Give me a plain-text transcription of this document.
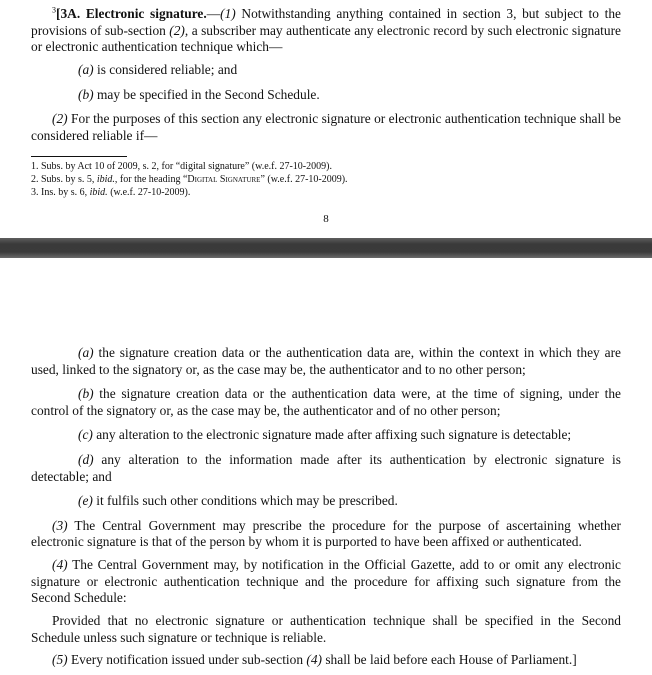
$^3$[3A. Electronic signature.—(1) Notwithstanding anything contained in section 3, but subject to the provisions of sub-section (2), a subscriber may authenticate any electronic record by such electronic signature or electronic authentication technique which—

(a) is considered reliable; and

(b) may be specified in the Second Schedule.

(2) For the purposes of this section any electronic signature or electronic authentication technique shall be considered reliable if—

1. Subs. by Act 10 of 2009, s. 2, for “digital signature” (w.e.f. 27-10-2009).

2. Subs. by s. 5, ibid., for the heading “Digital Signature” (w.e.f. 27-10-2009).

3. Ins. by s. 6, ibid. (w.e.f. 27-10-2009).

8

(a) the signature creation data or the authentication data are, within the context in which they are used, linked to the signatory or, as the case may be, the authenticator and to no other person;

(b) the signature creation data or the authentication data were, at the time of signing, under the control of the signatory or, as the case may be, the authenticator and of no other person;

(c) any alteration to the electronic signature made after affixing such signature is detectable;

(d) any alteration to the information made after its authentication by electronic signature is detectable; and

(e) it fulfils such other conditions which may be prescribed.

(3) The Central Government may prescribe the procedure for the purpose of ascertaining whether electronic signature is that of the person by whom it is purported to have been affixed or authenticated.

(4) The Central Government may, by notification in the Official Gazette, add to or omit any electronic signature or electronic authentication technique and the procedure for affixing such signature from the Second Schedule:

Provided that no electronic signature or authentication technique shall be specified in the Second Schedule unless such signature or technique is reliable.

(5) Every notification issued under sub-section (4) shall be laid before each House of Parliament.]
